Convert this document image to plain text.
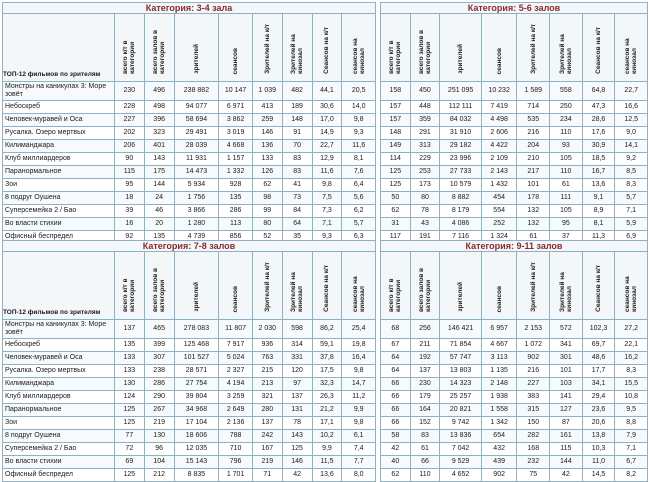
Категория: 3-4 зала
ТОП-12 фильмов по зрителям	всего к/т в категории	всего залов в категории	зрителей	сеансов	Зрителей на к/т	Зрителей на кинозал	Сеансов на к/т	сеансов на кинозал
Монстры на каникулах 3: Море зовёт	230	496	238 882	10 147	1 039	482	44,1	20,5
Небоскреб	228	498	94 077	6 971	413	189	30,6	14,0
Человек-муравей и Оса	227	396	58 694	3 862	259	148	17,0	9,8
Русалка. Озеро мертвых	202	323	29 491	3 019	146	91	14,9	9,3
Килиманджара	206	401	28 039	4 668	136	70	22,7	11,6
Клуб миллиардеров	90	143	11 931	1 157	133	83	12,9	8,1
Паранормальное	115	175	14 473	1 332	126	83	11,6	7,6
Зои	95	144	5 934	928	62	41	9,8	6,4
8 подруг Оушена	18	24	1 756	135	98	73	7,5	5,6
Суперсемейка 2 / Бао	39	46	3 866	286	99	84	7,3	6,2
Во власти стихии	16	20	1 280	113	80	64	7,1	5,7
Офисный беспредел	92	135	4 739	856	52	35	9,3	6,3
Категория: 5-6 залов
всего к/т в категории	всего залов в категории	зрителей	сеансов	Зрителей на к/т	Зрителей на кинозал	Сеансов на к/т	сеансов на кинозал
158	450	251 095	10 232	1 589	558	64,8	22,7
157	448	112 111	7 419	714	250	47,3	16,6
157	359	84 032	4 498	535	234	28,6	12,5
148	291	31 910	2 606	216	110	17,6	9,0
149	313	29 182	4 422	204	93	30,9	14,1
114	229	23 996	2 109	210	105	18,5	9,2
125	253	27 733	2 143	217	110	16,7	8,5
125	173	10 579	1 432	101	61	13,6	8,3
50	80	8 882	454	178	111	9,1	5,7
62	78	8 179	554	132	105	8,9	7,1
31	43	4 086	252	132	95	8,1	5,9
117	191	7 116	1 324	61	37	11,3	6,9
Категория: 7-8 залов
ТОП-12 фильмов по зрителям	всего к/т в категории	всего залов в категории	зрителей	сеансов	Зрителей на к/т	Зрителей на кинозал	Сеансов на к/т	сеансов на кинозал
Монстры на каникулах 3: Море зовёт	137	465	278 083	11 807	2 030	598	86,2	25,4
Небоскреб	135	399	125 468	7 917	936	314	59,1	19,8
Человек-муравей и Оса	133	307	101 527	5 024	763	331	37,8	16,4
Русалка. Озеро мертвых	133	238	28 571	2 327	215	120	17,5	9,8
Килиманджара	130	286	27 754	4 194	213	97	32,3	14,7
Клуб миллиардеров	124	290	39 804	3 259	321	137	26,3	11,2
Паранормальное	125	267	34 968	2 649	280	131	21,2	9,9
Зои	125	219	17 104	2 136	137	78	17,1	9,8
8 подруг Оушена	77	130	18 606	788	242	143	10,2	6,1
Суперсемейка 2 / Бао	72	96	12 035	710	167	125	9,9	7,4
Во власти стихии	69	104	15 143	796	219	146	11,5	7,7
Офисный беспредел	125	212	8 835	1 701	71	42	13,6	8,0
Категория: 9-11 залов
всего к/т в категории	всего залов в категории	зрителей	сеансов	Зрителей на к/т	Зрителей на кинозал	Сеансов на к/т	сеансов на кинозал
68	256	146 421	6 957	2 153	572	102,3	27,2
67	211	71 854	4 667	1 072	341	69,7	22,1
64	192	57 747	3 113	902	301	48,6	16,2
64	137	13 803	1 135	216	101	17,7	8,3
66	230	14 323	2 148	227	103	34,1	15,5
66	179	25 257	1 938	383	141	29,4	10,8
66	164	20 821	1 558	315	127	23,6	9,5
66	152	9 742	1 342	150	87	20,6	8,8
58	83	13 836	654	282	161	13,8	7,9
42	61	7 042	432	168	115	10,3	7,1
40	66	9 529	439	232	144	11,0	6,7
62	110	4 652	902	75	42	14,5	8,2
